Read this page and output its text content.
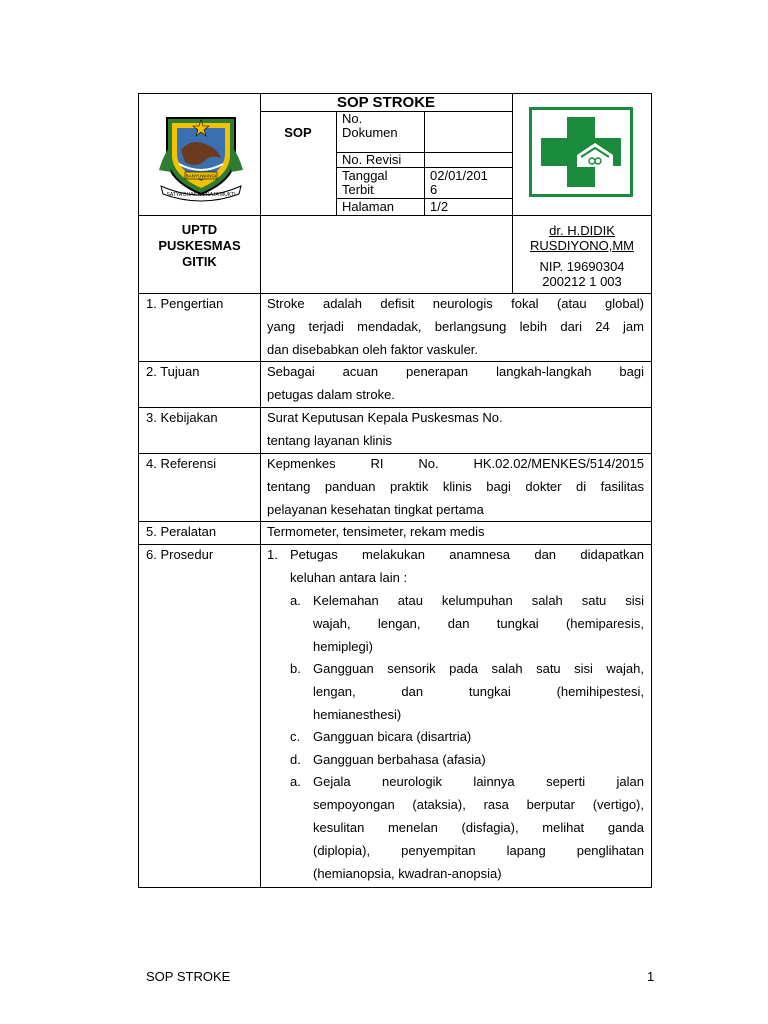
BANYUWANGI
SATYA BHAKTI PRAJA MUKTI
SOP STROKE
SOP
No.
Dokumen
No. Revisi
Tanggal
Terbit
Halaman
02/01/201
6
1/2
UPTD
PUSKESMAS
GITIK
dr. H.DIDIK
RUSDIYONO,MM
NIP. 19690304
200212 1 003
1. Pengertian
2. Tujuan
3. Kebijakan
4. Referensi
5. Peralatan
6. Prosedur
Stroke adalah defisit neurologis fokal (atau global)
yang terjadi mendadak, berlangsung lebih dari 24 jam
dan disebabkan oleh faktor vaskuler.
Sebagai acuan penerapan langkah-langkah bagi
petugas dalam stroke.
Surat Keputusan Kepala Puskesmas No.
tentang layanan klinis
Kepmenkes RI No. HK.02.02/MENKES/514/2015
tentang panduan praktik klinis bagi dokter di fasilitas
pelayanan kesehatan tingkat pertama
Termometer, tensimeter, rekam medis
1. Petugas melakukan anamnesa dan didapatkan
keluhan antara lain :
a. Kelemahan atau kelumpuhan salah satu sisi
wajah, lengan, dan tungkai (hemiparesis,
hemiplegi)
b. Gangguan sensorik pada salah satu sisi wajah,
lengan, dan tungkai (hemihipestesi,
hemianesthesi)
c. Gangguan bicara (disartria)
d. Gangguan berbahasa (afasia)
a. Gejala neurologik lainnya seperti jalan
sempoyongan (ataksia), rasa berputar (vertigo),
kesulitan menelan (disfagia), melihat ganda
(diplopia), penyempitan lapang penglihatan
(hemianopsia, kwadran-anopsia)
SOP STROKE	1
